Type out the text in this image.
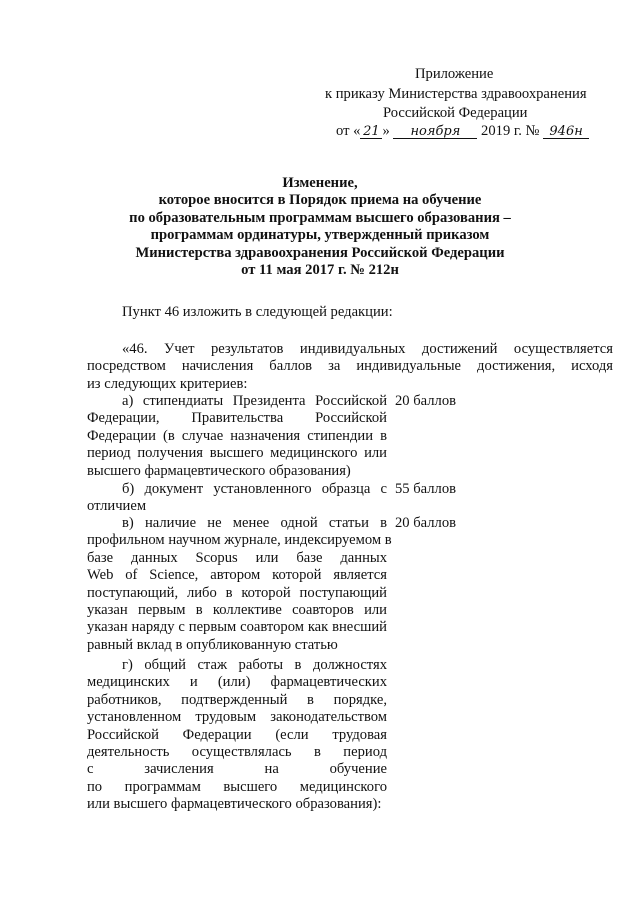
Приложение
к приказу Министерства здравоохранения
Российской Федерации
от « 21 » ноября 2019 г. № 946н
Изменение,
которое вносится в Порядок приема на обучение
по образовательным программам высшего образования –
программам ординатуры, утвержденный приказом
Министерства здравоохранения Российской Федерации
от 11 мая 2017 г. № 212н
Пункт 46 изложить в следующей редакции:
«46. Учет результатов индивидуальных достижений осуществляется
посредством начисления баллов за индивидуальные достижения, исходя
из следующих критериев:
а) стипендиаты Президента Российской
Федерации, Правительства Российской
Федерации (в случае назначения стипендии в
период получения высшего медицинского или
высшего фармацевтического образования)
20 баллов
б) документ установленного образца с
отличием
55 баллов
в) наличие не менее одной статьи в
профильном научном журнале, индексируемом в
базе данных Scopus или базе данных
Web of Science, автором которой является
поступающий, либо в которой поступающий
указан первым в коллективе соавторов или
указан наряду с первым соавтором как внесший
равный вклад в опубликованную статью
20 баллов
г) общий стаж работы в должностях
медицинских и (или) фармацевтических
работников, подтвержденный в порядке,
установленном трудовым законодательством
Российской Федерации (если трудовая
деятельность осуществлялась в период
с зачисления на обучение
по программам высшего медицинского
или высшего фармацевтического образования):
